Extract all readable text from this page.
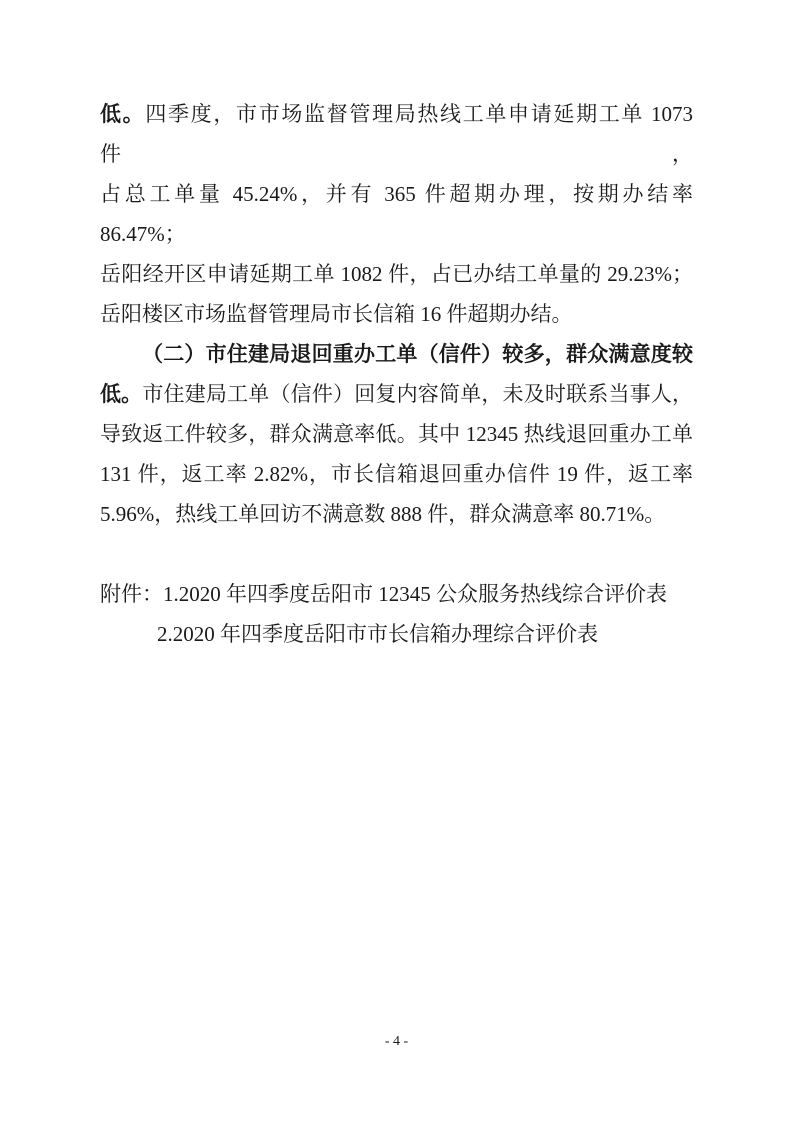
低。四季度，市市场监督管理局热线工单申请延期工单 1073 件，
占总工单量 45.24%，并有 365 件超期办理，按期办结率 86.47%；
岳阳经开区申请延期工单 1082 件，占已办结工单量的 29.23%；
岳阳楼区市场监督管理局市长信箱 16 件超期办结。
（二）市住建局退回重办工单（信件）较多，群众满意度较
低。市住建局工单（信件）回复内容简单，未及时联系当事人，
导致返工件较多，群众满意率低。其中 12345 热线退回重办工单
131 件，返工率 2.82%，市长信箱退回重办信件 19 件，返工率
5.96%，热线工单回访不满意数 888 件，群众满意率 80.71%。
附件： 1.2020 年四季度岳阳市 12345 公众服务热线综合评价表
2.2020 年四季度岳阳市市长信箱办理综合评价表
- 4 -
